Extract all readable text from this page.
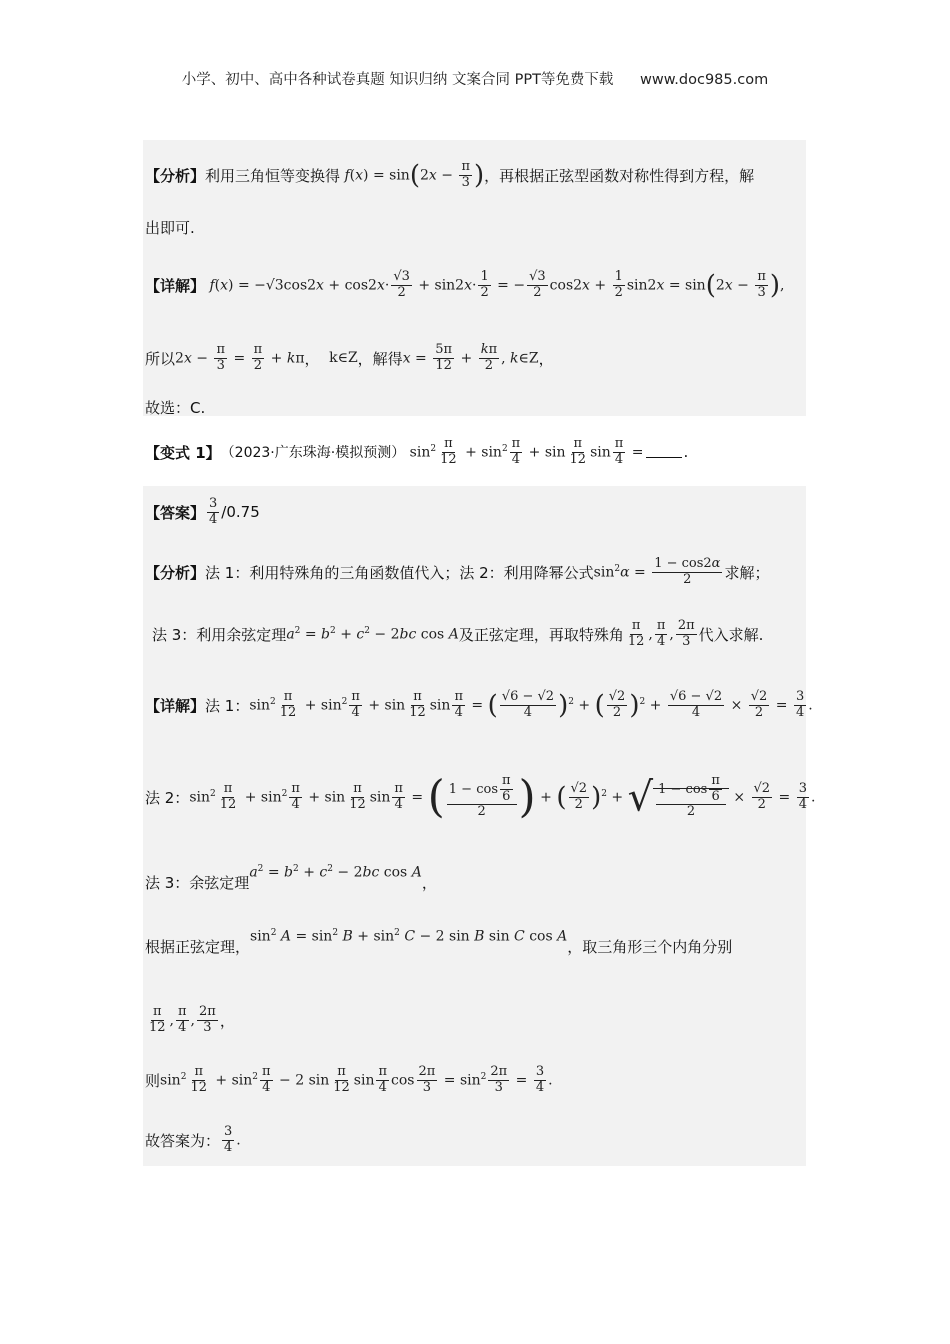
小学、初中、高中各种试卷真题 知识归纳 文案合同 PPT等免费下载 www.doc985.com
【分析】 利用三角恒等变换得 $f(x) = \sin(2x - \frac{\pi}{3}$ ) ，再根据正弦型函数对称性得到方程，解
出即可.
【详解】 $f(x) = -√3\cos 2x + \cos 2x\cdot \frac{√3}{2} + \sin 2x\cdot \frac{1}{2}$ = − $\frac{√3}{2} \cos 2x + \frac{1}{2} \sin 2x = \sin(2x - \frac{\pi}{3}$ ),
所以 $2x - \frac{\pi}{3} = \frac{\pi}{2} + k\pi$ ， k∈Z ，解得 $x = \frac{5\pi}{12} + \frac{k\pi}{2}$ , k∈Z ，
故选：C.
【变式 1】 （2023·广东珠海·模拟预测） $\sin^2 \frac{\pi}{12} + \sin^2 \frac{\pi}{4} + \sin \frac{\pi}{12}$ $\sin \frac{\pi}{4}$ =	.
【答案】 $\frac{3}{4} /0.75$
【分析】 法 1：利用特殊角的三角函数值代入；法 2：利用降幂公式 $\sin^2\alpha = \frac{1 - \cos 2\alpha}{2}$ 求解；
法 3：利用余弦定理 $a^2 = b^2 + c^2 - 2bc$ cos A 及正弦定理，再取特殊角 $\frac{\pi}{12}$ , $\frac{\pi}{4}$ , $\frac{2\pi}{3}$ 代入求解.
【详解】 法 1： $\sin^2 \frac{\pi}{12} + \sin^2 \frac{\pi}{4} + \sin \frac{\pi}{12}$ $\sin \frac{\pi}{4}$ = ( $\frac{√6 - √2}{4} )^2$ + ( $\frac{√2}{2} )^2 + \frac{√6 - √2}{4} \times \frac{√2}{2} = \frac{3}{4}$ .
法 2： $\sin^2 \frac{\pi}{12} + \sin^2 \frac{\pi}{4} + \sin \frac{\pi}{12}$ $\sin \frac{\pi}{4}$ = ( $\frac{1 - \cos \frac{\pi}{6}}{2}$ ) + ( $\frac{√2}{2} )^2$ + √ $\frac{1 - \cos \frac{\pi}{6}}{2} \times \frac{√2}{2} = \frac{3}{4}$ .
法 3：余弦定理
$a^2 = b^2 + c^2 - 2bc$ cos A
，
根据正弦定理，
$\sin^2 A = \sin^2 B + \sin^2 C - 2$ sin B sin C cos A
，取三角形三个内角分别
$\frac{\pi}{12}$ , $\frac{\pi}{4}$ , $\frac{2\pi}{3}$ ，
则 $\sin^2 \frac{\pi}{12} + \sin^2 \frac{\pi}{4} - 2$ $\sin \frac{\pi}{12}$ $\sin \frac{\pi}{4}$ $\cos \frac{2\pi}{3} = \sin^2 \frac{2\pi}{3} = \frac{3}{4}$ .
故答案为： $\frac{3}{4}$ .
